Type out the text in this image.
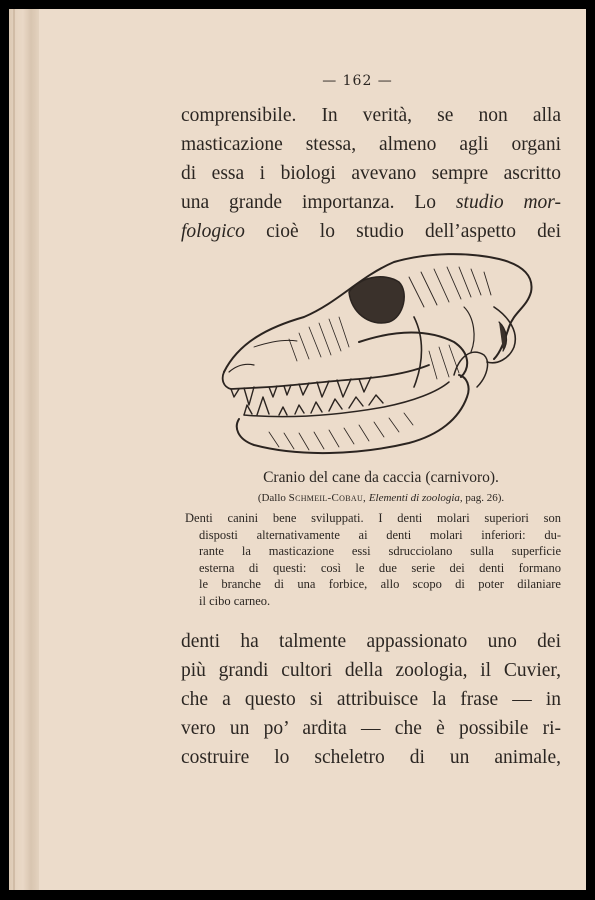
— 162 —
comprensibile. In verità, se non alla
masticazione stessa, almeno agli organi
di essa i biologi avevano sempre ascritto
una grande importanza. Lo studio mor-
fologico cioè lo studio dell’aspetto dei
Cranio del cane da caccia (carnivoro).
(Dallo Schmeil-Cobau, Elementi di zoologia, pag. 26).
Denti canini bene sviluppati. I denti molari superiori son
disposti alternativamente ai denti molari inferiori: du-
rante la masticazione essi sdrucciolano sulla superficie
esterna di questi: così le due serie dei denti formano
le branche di una forbice, allo scopo di poter dilaniare
il cibo carneo.
denti ha talmente appassionato uno dei
più grandi cultori della zoologia, il Cuvier,
che a questo si attribuisce la frase — in
vero un po’ ardita — che è possibile ri-
costruire lo scheletro di un animale,
